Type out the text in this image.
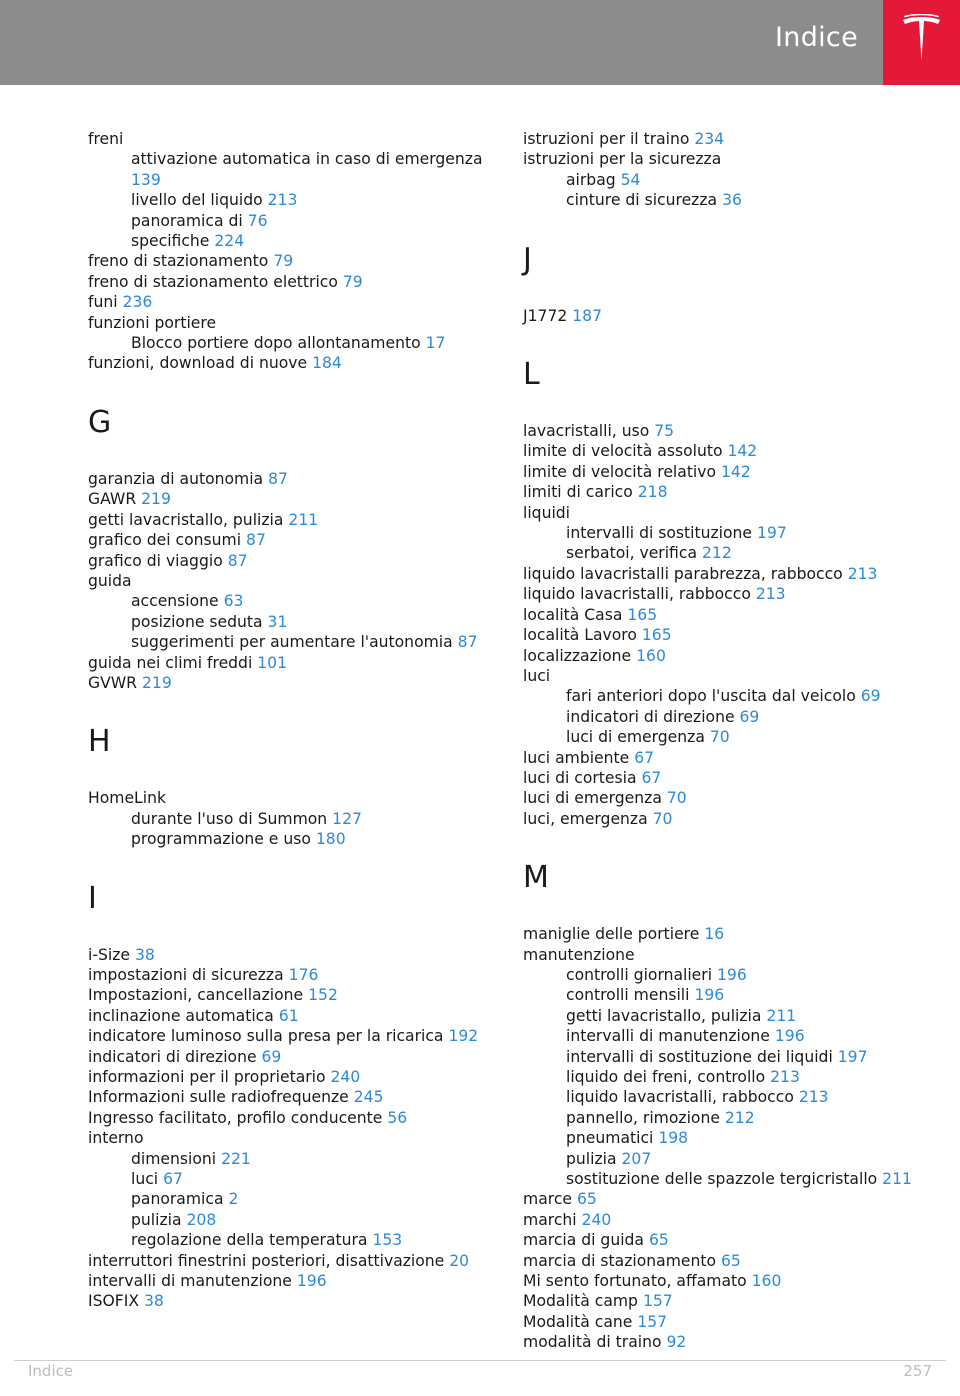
Indice
freni
attivazione automatica in caso di emergenza 139
livello del liquido 213
panoramica di 76
specifiche 224
freno di stazionamento 79
freno di stazionamento elettrico 79
funi 236
funzioni portiere
Blocco portiere dopo allontanamento 17
funzioni, download di nuove 184
G
garanzia di autonomia 87
GAWR 219
getti lavacristallo, pulizia 211
grafico dei consumi 87
grafico di viaggio 87
guida
accensione 63
posizione seduta 31
suggerimenti per aumentare l'autonomia 87
guida nei climi freddi 101
GVWR 219
H
HomeLink
durante l'uso di Summon 127
programmazione e uso 180
I
i-Size 38
impostazioni di sicurezza 176
Impostazioni, cancellazione 152
inclinazione automatica 61
indicatore luminoso sulla presa per la ricarica 192
indicatori di direzione 69
informazioni per il proprietario 240
Informazioni sulle radiofrequenze 245
Ingresso facilitato, profilo conducente 56
interno
dimensioni 221
luci 67
panoramica 2
pulizia 208
regolazione della temperatura 153
interruttori finestrini posteriori, disattivazione 20
intervalli di manutenzione 196
ISOFIX 38
istruzioni per il traino 234
istruzioni per la sicurezza
airbag 54
cinture di sicurezza 36
J
J1772 187
L
lavacristalli, uso 75
limite di velocità assoluto 142
limite di velocità relativo 142
limiti di carico 218
liquidi
intervalli di sostituzione 197
serbatoi, verifica 212
liquido lavacristalli parabrezza, rabbocco 213
liquido lavacristalli, rabbocco 213
località Casa 165
località Lavoro 165
localizzazione 160
luci
fari anteriori dopo l'uscita dal veicolo 69
indicatori di direzione 69
luci di emergenza 70
luci ambiente 67
luci di cortesia 67
luci di emergenza 70
luci, emergenza 70
M
maniglie delle portiere 16
manutenzione
controlli giornalieri 196
controlli mensili 196
getti lavacristallo, pulizia 211
intervalli di manutenzione 196
intervalli di sostituzione dei liquidi 197
liquido dei freni, controllo 213
liquido lavacristalli, rabbocco 213
pannello, rimozione 212
pneumatici 198
pulizia 207
sostituzione delle spazzole tergicristallo 211
marce 65
marchi 240
marcia di guida 65
marcia di stazionamento 65
Mi sento fortunato, affamato 160
Modalità camp 157
Modalità cane 157
modalità di traino 92
Indice	257
